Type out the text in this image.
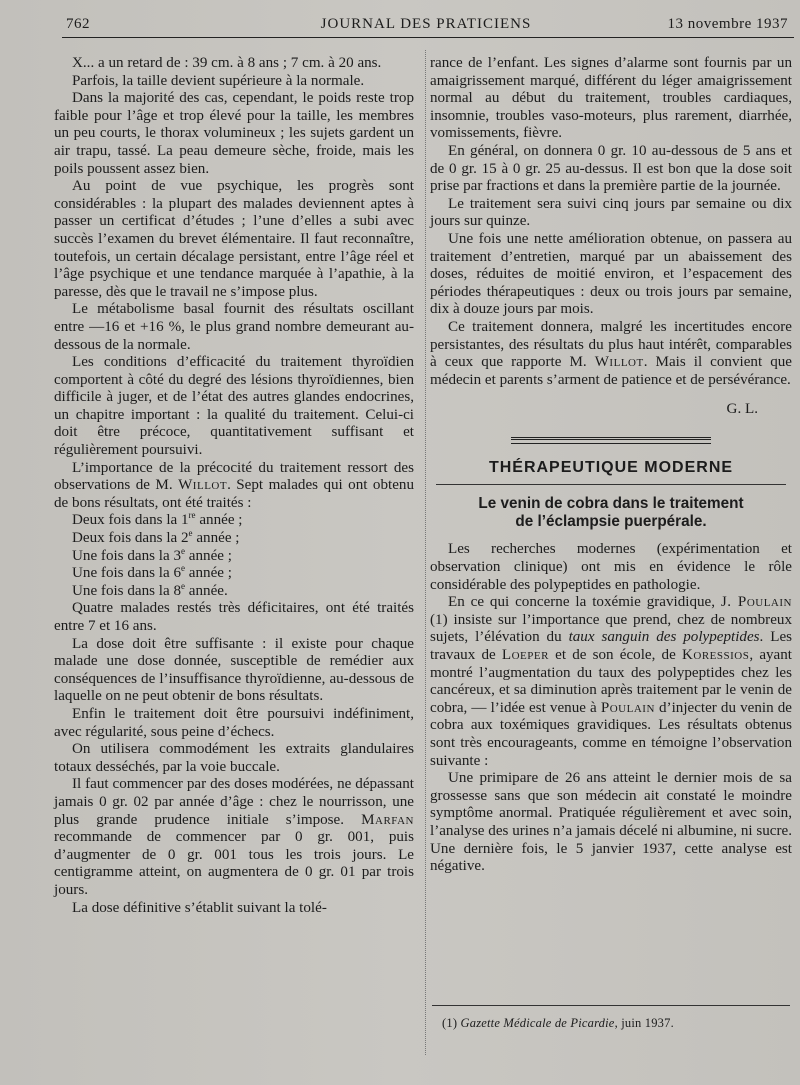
762	JOURNAL DES PRATICIENS	13 novembre 1937

X... a un retard de : 39 cm. à 8 ans ; 7 cm. à 20 ans.

Parfois, la taille devient supérieure à la normale.

Dans la majorité des cas, cependant, le poids reste trop faible pour l’âge et trop élevé pour la taille, les membres un peu courts, le thorax volumineux ; les sujets gardent un air trapu, tassé. La peau demeure sèche, froide, mais les poils poussent assez bien.

Au point de vue psychique, les progrès sont considérables : la plupart des malades deviennent aptes à passer un certificat d’études ; l’une d’elles a subi avec succès l’examen du brevet élémentaire. Il faut reconnaître, toutefois, un certain décalage persistant, entre l’âge réel et l’âge psychique et une tendance marquée à l’apathie, à la paresse, dès que le travail ne s’impose plus.

Le métabolisme basal fournit des résultats oscillant entre —16 et +16 %, le plus grand nombre demeurant au-dessous de la normale.

Les conditions d’efficacité du traitement thyroïdien comportent à côté du degré des lésions thyroïdiennes, bien difficile à juger, et de l’état des autres glandes endocrines, un chapitre important : la qualité du traitement. Celui-ci doit être précoce, quantitativement suffisant et régulièrement poursuivi.

L’importance de la précocité du traitement ressort des observations de M. Willot. Sept malades qui ont obtenu de bons résultats, ont été traités :

Deux fois dans la 1re année ;

Deux fois dans la 2e année ;

Une fois dans la 3e année ;

Une fois dans la 6e année ;

Une fois dans la 8e année.

Quatre malades restés très déficitaires, ont été traités entre 7 et 16 ans.

La dose doit être suffisante : il existe pour chaque malade une dose donnée, susceptible de remédier aux conséquences de l’insuffisance thyroïdienne, au-dessous de laquelle on ne peut obtenir de bons résultats.

Enfin le traitement doit être poursuivi indéfiniment, avec régularité, sous peine d’échecs.

On utilisera commodément les extraits glandulaires totaux desséchés, par la voie buccale.

Il faut commencer par des doses modérées, ne dépassant jamais 0 gr. 02 par année d’âge : chez le nourrisson, une plus grande prudence initiale s’impose. Marfan recommande de commencer par 0 gr. 001, puis d’augmenter de 0 gr. 001 tous les trois jours. Le centigramme atteint, on augmentera de 0 gr. 01 par trois jours.

La dose définitive s’établit suivant la tolé-

rance de l’enfant. Les signes d’alarme sont fournis par un amaigrissement marqué, différent du léger amaigrissement normal au début du traitement, troubles cardiaques, insomnie, troubles vaso-moteurs, plus rarement, diarrhée, vomissements, fièvre.

En général, on donnera 0 gr. 10 au-dessous de 5 ans et de 0 gr. 15 à 0 gr. 25 au-dessus. Il est bon que la dose soit prise par fractions et dans la première partie de la journée.

Le traitement sera suivi cinq jours par semaine ou dix jours sur quinze.

Une fois une nette amélioration obtenue, on passera au traitement d’entretien, marqué par un abaissement des doses, réduites de moitié environ, et l’espacement des périodes thérapeutiques : deux ou trois jours par semaine, dix à douze jours par mois.

Ce traitement donnera, malgré les incertitudes encore persistantes, des résultats du plus haut intérêt, comparables à ceux que rapporte M. Willot. Mais il convient que médecin et parents s’arment de patience et de persévérance.

G. L.

THÉRAPEUTIQUE MODERNE

Le venin de cobra dans le traitement
de l’éclampsie puerpérale.

Les recherches modernes (expérimentation et observation clinique) ont mis en évidence le rôle considérable des polypeptides en pathologie.

En ce qui concerne la toxémie gravidique, J. Poulain (1) insiste sur l’importance que prend, chez de nombreux sujets, l’élévation du taux sanguin des polypeptides. Les travaux de Loeper et de son école, de Koressios, ayant montré l’augmentation du taux des polypeptides chez les cancéreux, et sa diminution après traitement par le venin de cobra, — l’idée est venue à Poulain d’injecter du venin de cobra aux toxémiques gravidiques. Les résultats obtenus sont très encourageants, comme en témoigne l’observation suivante :

Une primipare de 26 ans atteint le dernier mois de sa grossesse sans que son médecin ait constaté le moindre symptôme anormal. Pratiquée régulièrement et avec soin, l’analyse des urines n’a jamais décelé ni albumine, ni sucre. Une dernière fois, le 5 janvier 1937, cette analyse est négative.

(1) Gazette Médicale de Picardie, juin 1937.
